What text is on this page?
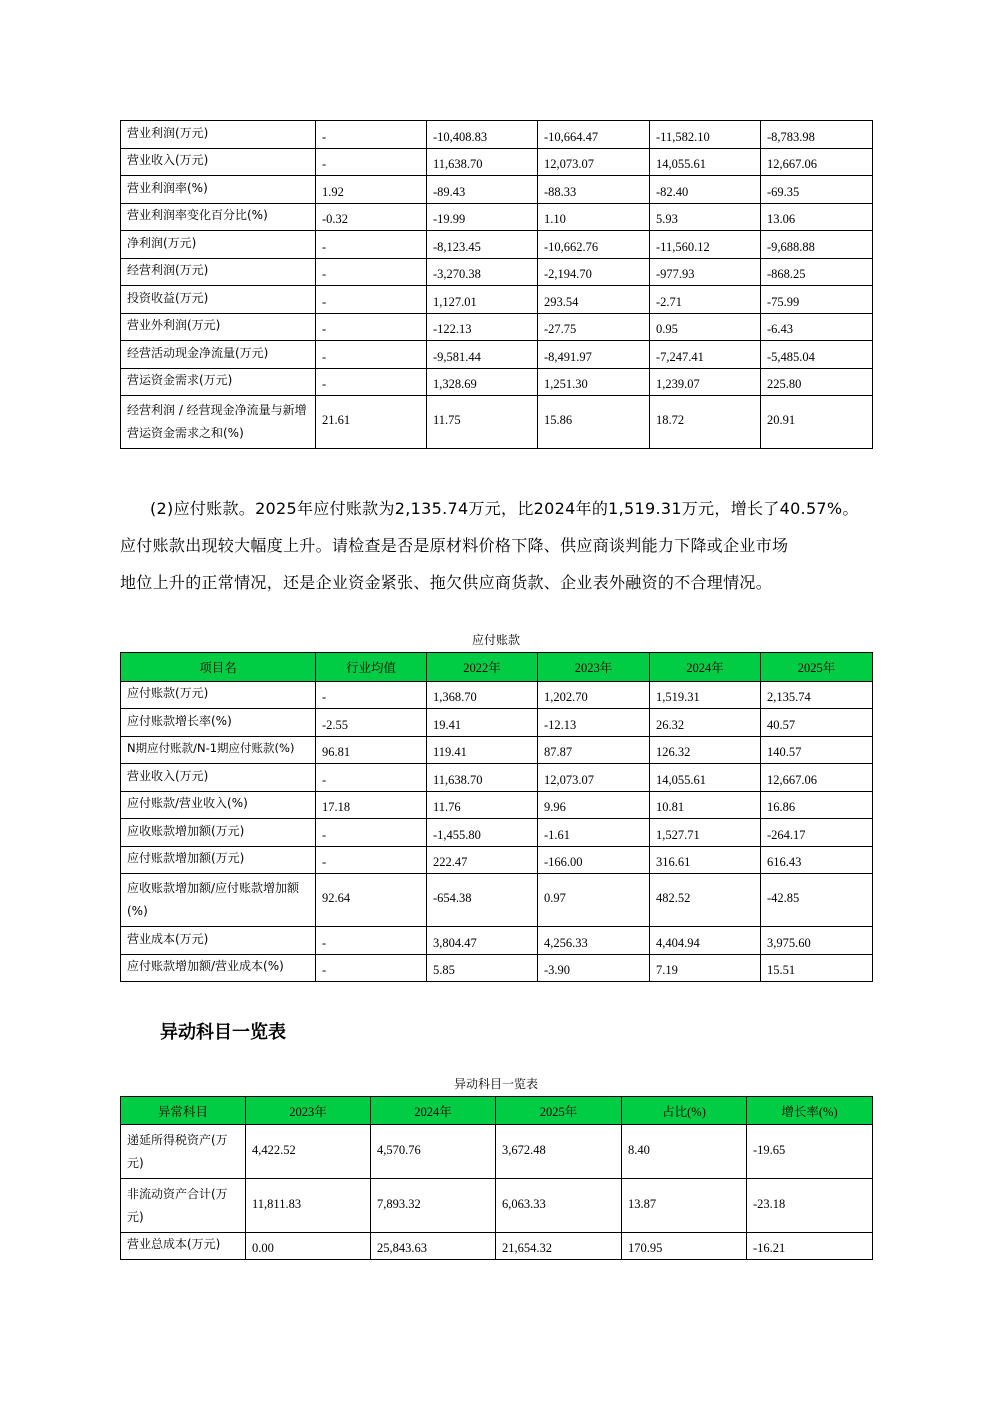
营业利润(万元)	-	-10,408.83	-10,664.47	-11,582.10	-8,783.98
营业收入(万元)	-	11,638.70	12,073.07	14,055.61	12,667.06
营业利润率(%)	1.92	-89.43	-88.33	-82.40	-69.35
营业利润率变化百分比(%)	-0.32	-19.99	1.10	5.93	13.06
净利润(万元)	-	-8,123.45	-10,662.76	-11,560.12	-9,688.88
经营利润(万元)	-	-3,270.38	-2,194.70	-977.93	-868.25
投资收益(万元)	-	1,127.01	293.54	-2.71	-75.99
营业外利润(万元)	-	-122.13	-27.75	0.95	-6.43
经营活动现金净流量(万元)	-	-9,581.44	-8,491.97	-7,247.41	-5,485.04
营运资金需求(万元)	-	1,328.69	1,251.30	1,239.07	225.80
经营利润 / 经营现金净流量与新增营运资金需求之和(%)	21.61	11.75	15.86	18.72	20.91
(2)应付账款。2025年应付账款为2,135.74万元，比2024年的1,519.31万元，增长了40.57%。
应付账款出现较大幅度上升。请检查是否是原材料价格下降、供应商谈判能力下降或企业市场
地位上升的正常情况，还是企业资金紧张、拖欠供应商货款、企业表外融资的不合理情况。
应付账款
项目名	行业均值	2022年	2023年	2024年	2025年
应付账款(万元)	-	1,368.70	1,202.70	1,519.31	2,135.74
应付账款增长率(%)	-2.55	19.41	-12.13	26.32	40.57
N期应付账款/N-1期应付账款(%)	96.81	119.41	87.87	126.32	140.57
营业收入(万元)	-	11,638.70	12,073.07	14,055.61	12,667.06
应付账款/营业收入(%)	17.18	11.76	9.96	10.81	16.86
应收账款增加额(万元)	-	-1,455.80	-1.61	1,527.71	-264.17
应付账款增加额(万元)	-	222.47	-166.00	316.61	616.43
应收账款增加额/应付账款增加额(%)	92.64	-654.38	0.97	482.52	-42.85
营业成本(万元)	-	3,804.47	4,256.33	4,404.94	3,975.60
应付账款增加额/营业成本(%)	-	5.85	-3.90	7.19	15.51
异动科目一览表
异动科目一览表
异常科目	2023年	2024年	2025年	占比(%)	增长率(%)
递延所得税资产(万元)	4,422.52	4,570.76	3,672.48	8.40	-19.65
非流动资产合计(万元)	11,811.83	7,893.32	6,063.33	13.87	-23.18
营业总成本(万元)	0.00	25,843.63	21,654.32	170.95	-16.21
